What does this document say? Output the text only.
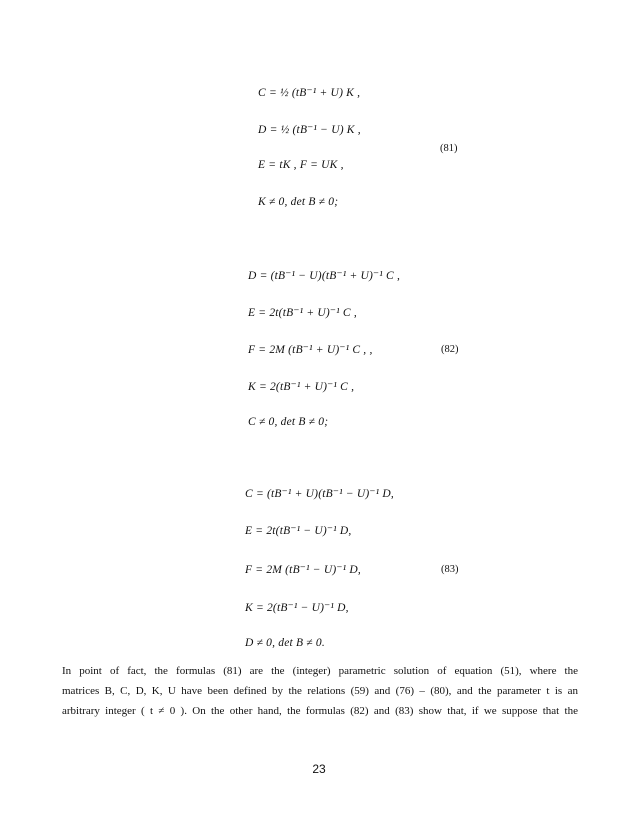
C = ½ (tB⁻¹ + U) K ,
D = ½ (tB⁻¹ − U) K ,
E = tK , F = UK ,
K ≠ 0, det B ≠ 0;
(81)
D = (tB⁻¹ − U)(tB⁻¹ + U)⁻¹ C ,
E = 2t(tB⁻¹ + U)⁻¹ C ,
F = 2M (tB⁻¹ + U)⁻¹ C , ,
K = 2(tB⁻¹ + U)⁻¹ C ,
C ≠ 0, det B ≠ 0;
(82)
C = (tB⁻¹ + U)(tB⁻¹ − U)⁻¹ D,
E = 2t(tB⁻¹ − U)⁻¹ D,
F = 2M (tB⁻¹ − U)⁻¹ D,
K = 2(tB⁻¹ − U)⁻¹ D,
D ≠ 0, det B ≠ 0.
(83)
In point of fact, the formulas (81) are the (integer) parametric solution of equation (51), where the
matrices B, C, D, K, U have been defined by the relations (59) and (76) – (80), and the parameter t is an
arbitrary integer ( t ≠ 0 ). On the other hand, the formulas (82) and (83) show that, if we suppose that the
23
